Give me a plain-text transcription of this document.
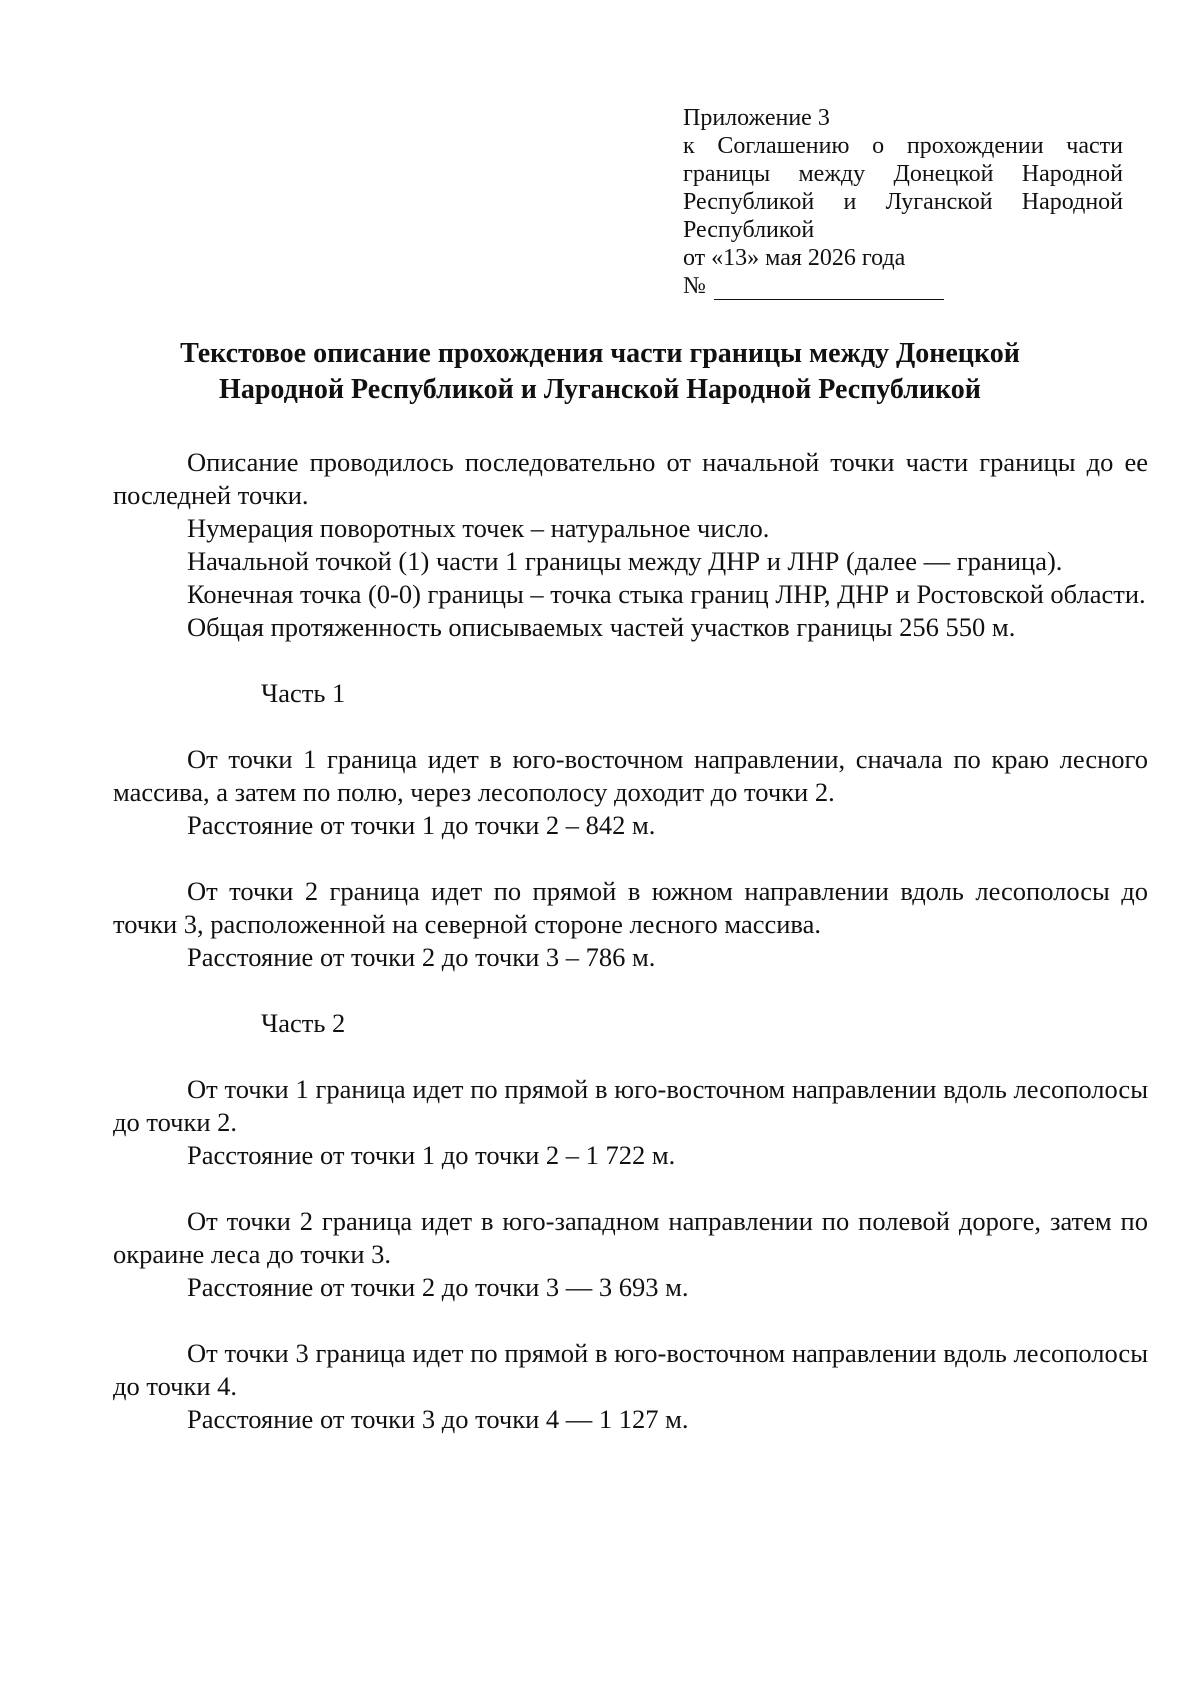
Приложение 3
к Соглашению о прохождении части
границы между Донецкой Народной
Республикой и Луганской Народной
Республикой
от «13» мая 2026 года
№
Текстовое описание прохождения части границы между Донецкой
Народной Республикой и Луганской Народной Республикой

Описание проводилось последовательно от начальной точки части границы до ее последней точки.

Нумерация поворотных точек – натуральное число.

Начальной точкой (1) части 1 границы между ДНР и ЛНР (далее — граница).

Конечная точка (0-0) границы – точка стыка границ ЛНР, ДНР и Ростовской области.

Общая протяженность описываемых частей участков границы 256 550 м.

Часть 1

От точки 1 граница идет в юго-восточном направлении, сначала по краю лесного массива, а затем по полю, через лесополосу доходит до точки 2.

Расстояние от точки 1 до точки 2 – 842 м.

От точки 2 граница идет по прямой в южном направлении вдоль лесополосы до точки 3, расположенной на северной стороне лесного массива.

Расстояние от точки 2 до точки 3 – 786 м.

Часть 2

От точки 1 граница идет по прямой в юго-восточном направлении вдоль лесополосы до точки 2.

Расстояние от точки 1 до точки 2 – 1 722 м.

От точки 2 граница идет в юго-западном направлении по полевой дороге, затем по окраине леса до точки 3.

Расстояние от точки 2 до точки 3 — 3 693 м.

От точки 3 граница идет по прямой в юго-восточном направлении вдоль лесополосы до точки 4.

Расстояние от точки 3 до точки 4 — 1 127 м.
